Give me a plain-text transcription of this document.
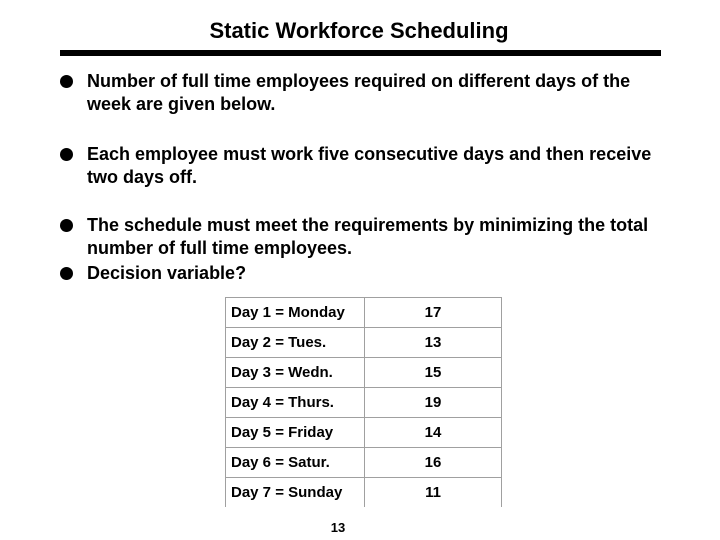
Static Workforce Scheduling
Number of full time employees required on different days of the week are given below.
Each employee must work five consecutive days and then receive two days off.
The schedule must meet the requirements by minimizing the total number of full time employees.
Decision variable?
Day 1 = Monday	17
Day 2 = Tues.	13
Day 3 = Wedn.	15
Day 4 = Thurs.	19
Day 5 = Friday	14
Day 6 = Satur.	16
Day 7 = Sunday	11
13
